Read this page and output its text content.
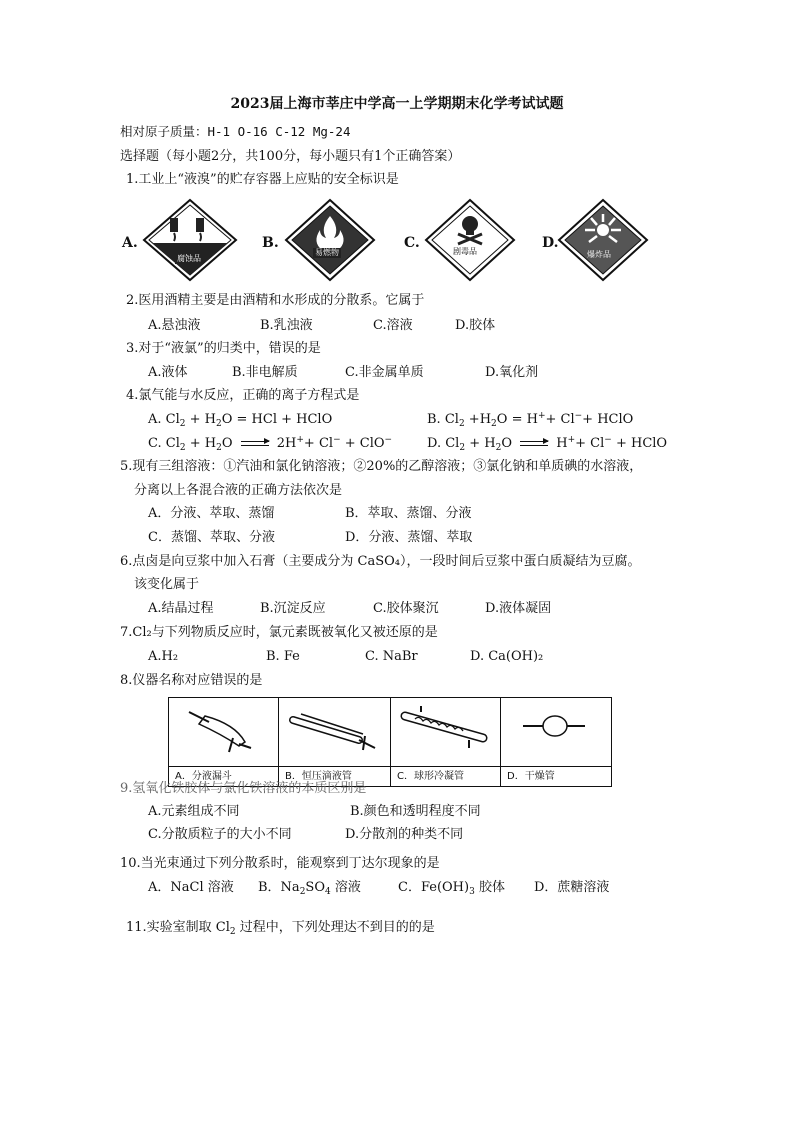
2023届上海市莘庄中学高一上学期期末化学考试试题
相对原子质量：H-1 O-16 C-12 Mg-24
选择题（每小题2分，共100分，每小题只有1个正确答案）
1.工业上“液溴”的贮存容器上应贴的安全标识是
A.
腐蚀品
B.
易燃物
C.
剧毒品
D.
爆炸品
2.医用酒精主要是由酒精和水形成的分散系。它属于
A.悬浊液	B.乳浊液	C.溶液	D.胶体
3.对于“液氯”的归类中，错误的是
A.液体	B.非电解质	C.非金属单质	D.氧化剂
4.氯气能与水反应，正确的离子方程式是
A. $Cl_2 + H_2O$ = HCl + HClO	B. $Cl_2 +H_2O = H^++ Cl^-+$ HClO
C. $Cl_2 + H_2O$	2H++ Cl− + ClO−	D. $Cl_2 + H_2O$	H++ Cl− + HClO
5.现有三组溶液：①汽油和氯化钠溶液；②20%的乙醇溶液；③氯化钠和单质碘的水溶液，
分离以上各混合液的正确方法依次是
A．分液、萃取、蒸馏	B．萃取、蒸馏、分液
C．蒸馏、萃取、分液	D．分液、蒸馏、萃取
6.点卤是向豆浆中加入石膏（主要成分为 CaSO₄），一段时间后豆浆中蛋白质凝结为豆腐。
该变化属于
A.结晶过程	B.沉淀反应	C.胶体聚沉	D.液体凝固
7.Cl₂与下列物质反应时，氯元素既被氧化又被还原的是
A.H₂	B. Fe	C. NaBr	D. Ca(OH)₂
8.仪器名称对应错误的是
A．分液漏斗	B．恒压滴液管	C．球形冷凝管	D．干燥管
9.氢氧化铁胶体与氯化铁溶液的本质区别是
A.元素组成不同	B.颜色和透明程度不同
C.分散质粒子的大小不同	D.分散剂的种类不同
10.当光束通过下列分散系时，能观察到丁达尔现象的是
A．NaCl 溶液 B．$Na_2SO_4$ 溶液	C．$Fe(OH)_3$ 胶体 D．蔗糖溶液
11.实验室制取 $Cl_2$ 过程中，下列处理达不到目的的是
